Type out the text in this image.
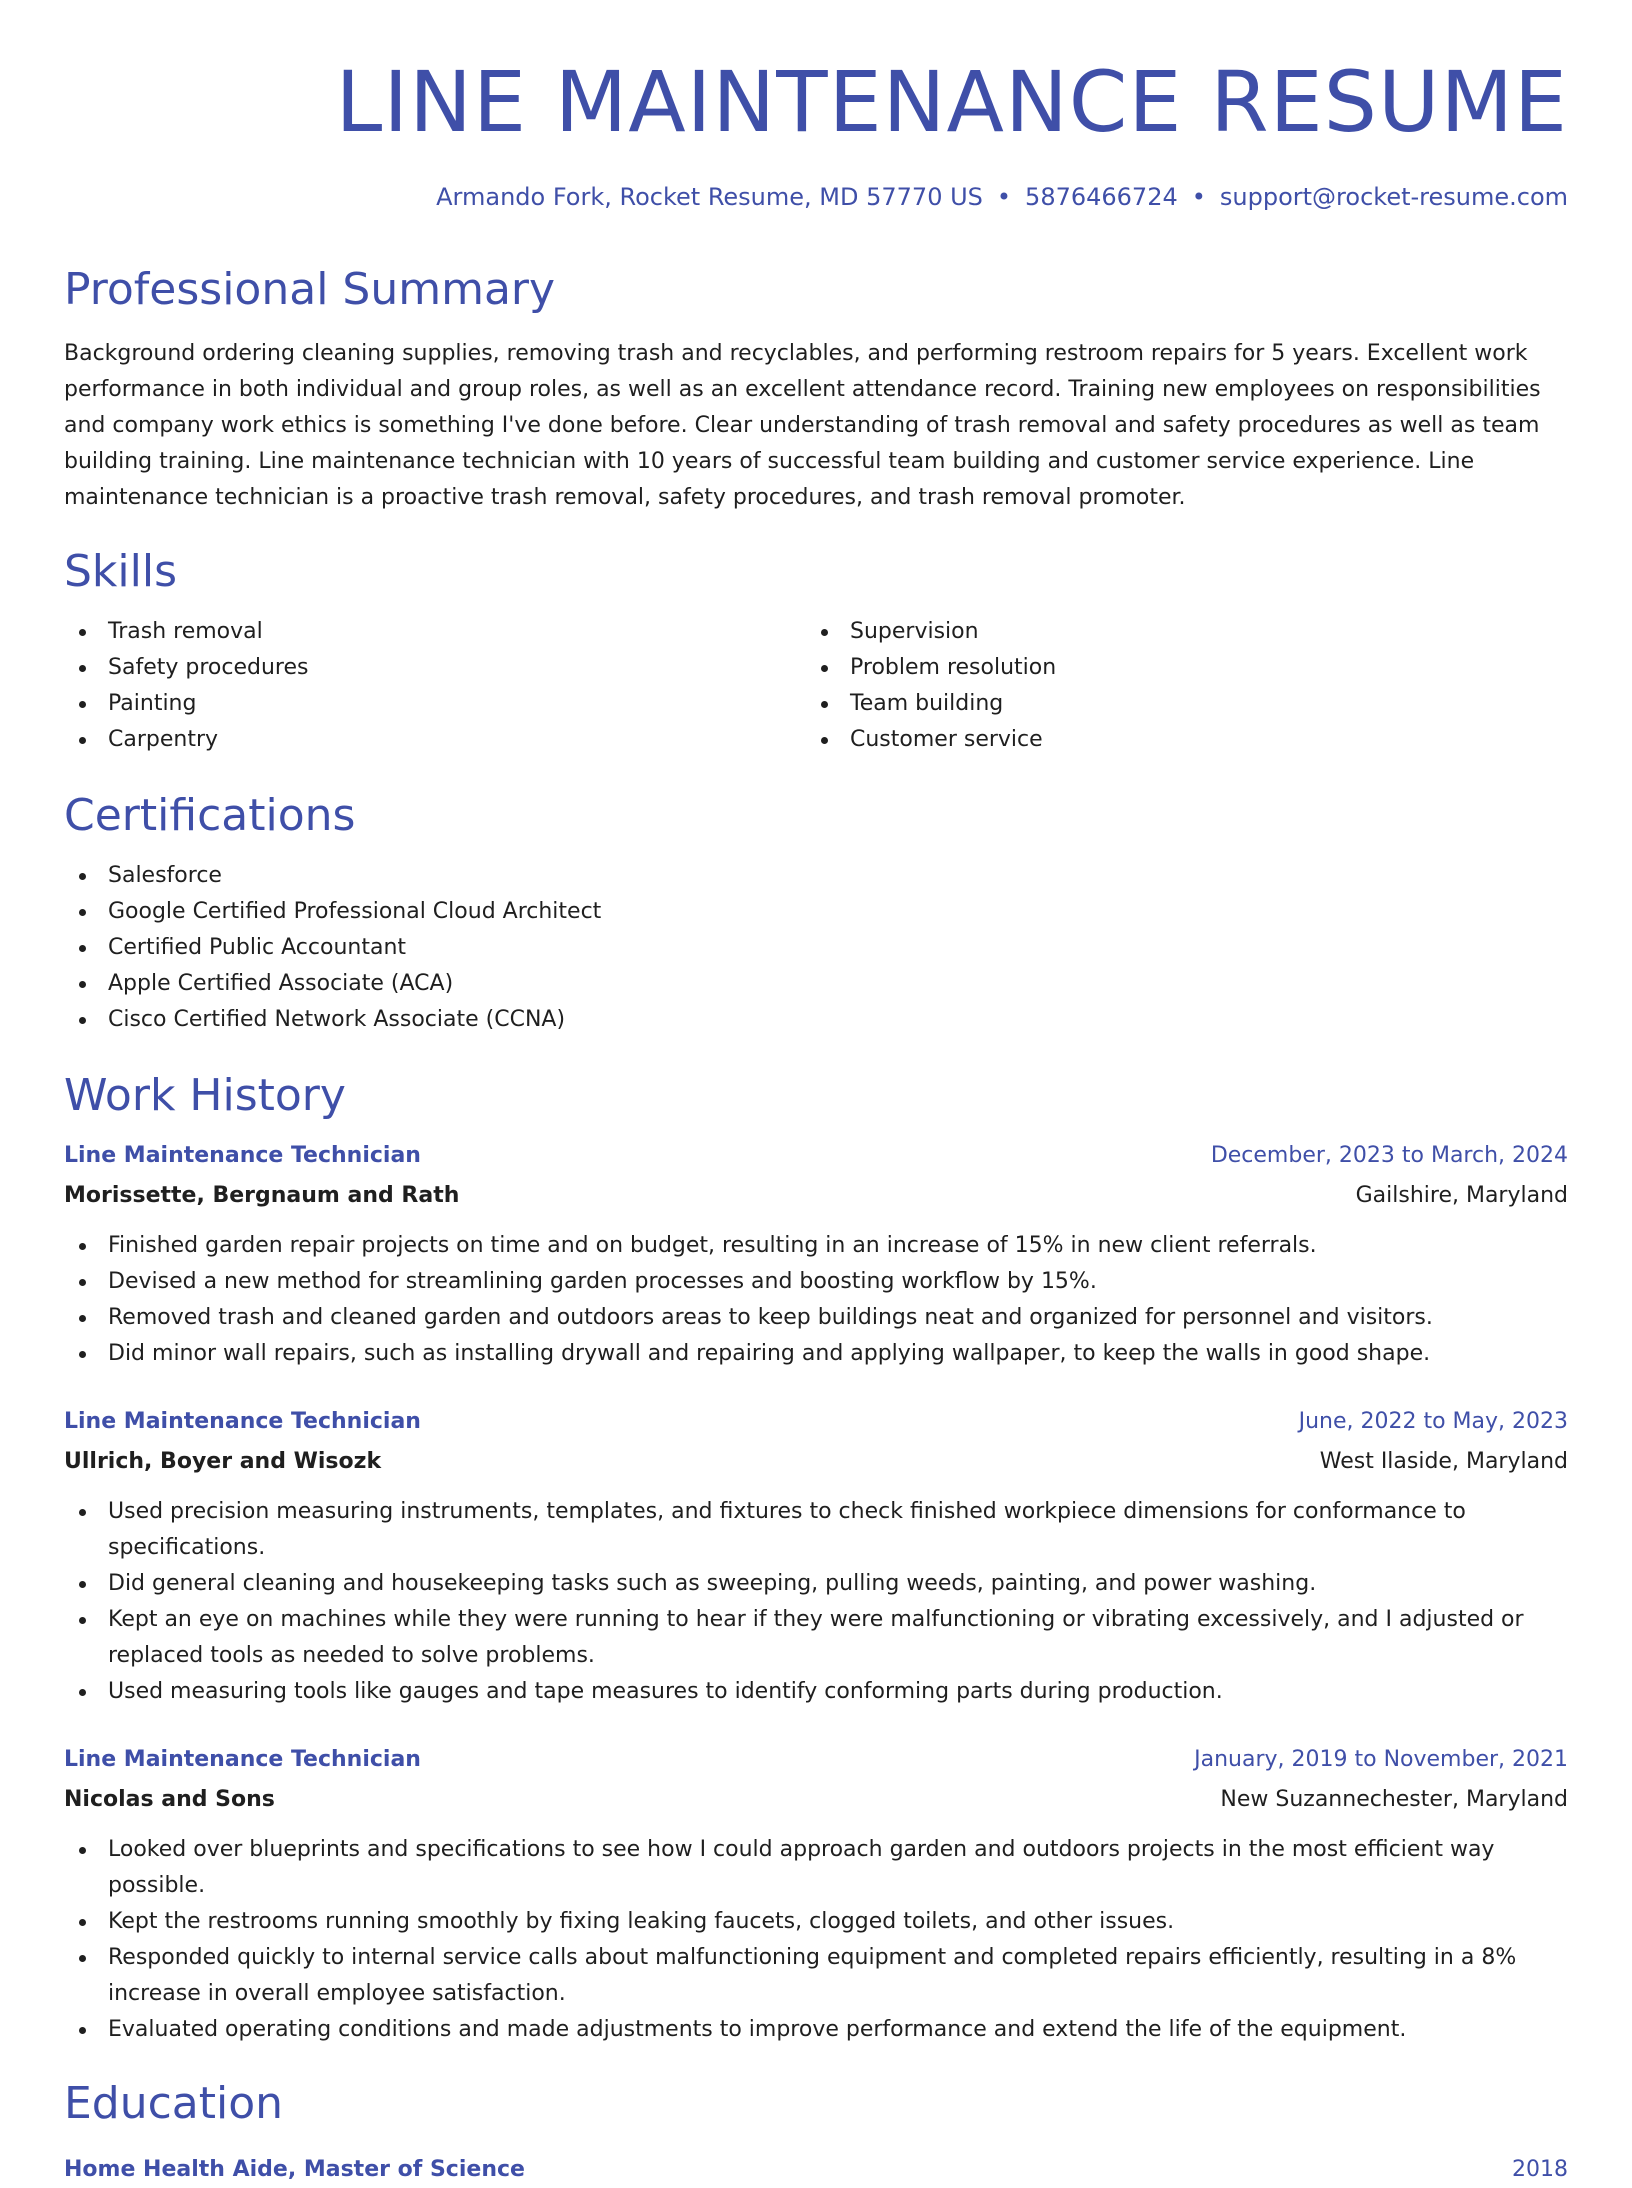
LINE MAINTENANCE RESUME
Armando Fork, Rocket Resume, MD 57770 US • 5876466724 • support@rocket-resume.com
Professional Summary

Background ordering cleaning supplies, removing trash and recyclables, and performing restroom repairs for 5 years. Excellent work performance in both individual and group roles, as well as an excellent attendance record. Training new employees on responsibilities and company work ethics is something I've done before. Clear understanding of trash removal and safety procedures as well as team building training. Line maintenance technician with 10 years of successful team building and customer service experience. Line maintenance technician is a proactive trash removal, safety procedures, and trash removal promoter.

Skills
Trash removal
Safety procedures
Painting
Carpentry
Supervision
Problem resolution
Team building
Customer service
Certifications
Salesforce
Google Certified Professional Cloud Architect
Certified Public Accountant
Apple Certified Associate (ACA)
Cisco Certified Network Associate (CCNA)
Work History
Line Maintenance Technician	December, 2023 to March, 2024
Morissette, Bergnaum and Rath	Gailshire, Maryland
Finished garden repair projects on time and on budget, resulting in an increase of 15% in new client referrals.
Devised a new method for streamlining garden processes and boosting workflow by 15%.
Removed trash and cleaned garden and outdoors areas to keep buildings neat and organized for personnel and visitors.
Did minor wall repairs, such as installing drywall and repairing and applying wallpaper, to keep the walls in good shape.
Line Maintenance Technician	June, 2022 to May, 2023
Ullrich, Boyer and Wisozk	West Ilaside, Maryland
Used precision measuring instruments, templates, and fixtures to check finished workpiece dimensions for conformance to specifications.
Did general cleaning and housekeeping tasks such as sweeping, pulling weeds, painting, and power washing.
Kept an eye on machines while they were running to hear if they were malfunctioning or vibrating excessively, and I adjusted or replaced tools as needed to solve problems.
Used measuring tools like gauges and tape measures to identify conforming parts during production.
Line Maintenance Technician	January, 2019 to November, 2021
Nicolas and Sons	New Suzannechester, Maryland
Looked over blueprints and specifications to see how I could approach garden and outdoors projects in the most efficient way possible.
Kept the restrooms running smoothly by fixing leaking faucets, clogged toilets, and other issues.
Responded quickly to internal service calls about malfunctioning equipment and completed repairs efficiently, resulting in a 8% increase in overall employee satisfaction.
Evaluated operating conditions and made adjustments to improve performance and extend the life of the equipment.
Education
Home Health Aide, Master of Science	2018
